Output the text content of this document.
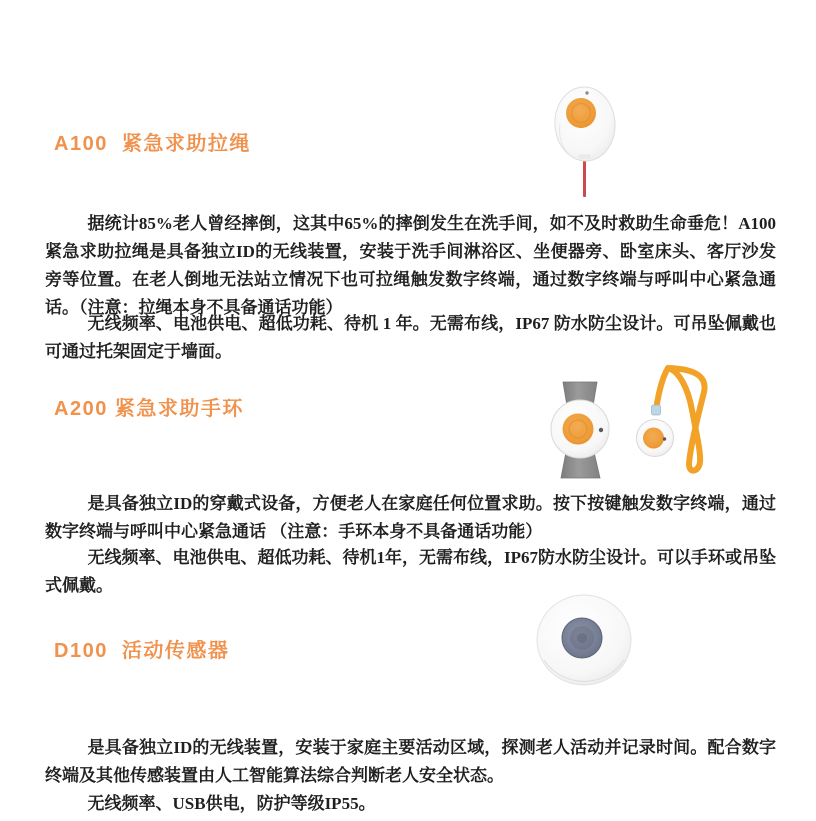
A100  紧急求助拉绳

据统计85%老人曾经摔倒，这其中65%的摔倒发生在洗手间，如不及时救助生命垂危！A100紧急求助拉绳是具备独立ID的无线装置，安装于洗手间淋浴区、坐便器旁、卧室床头、客厅沙发旁等位置。在老人倒地无法站立情况下也可拉绳触发数字终端，通过数字终端与呼叫中心紧急通话。（注意：拉绳本身不具备通话功能）

无线频率、电池供电、超低功耗、待机 1 年。无需布线，IP67 防水防尘设计。可吊坠佩戴也可通过托架固定于墙面。

A200 紧急求助手环

是具备独立ID的穿戴式设备，方便老人在家庭任何位置求助。按下按键触发数字终端，通过数字终端与呼叫中心紧急通话 （注意：手环本身不具备通话功能）

无线频率、电池供电、超低功耗、待机1年，无需布线，IP67防水防尘设计。可以手环或吊坠式佩戴。

D100  活动传感器

是具备独立ID的无线装置，安装于家庭主要活动区域，探测老人活动并记录时间。配合数字终端及其他传感装置由人工智能算法综合判断老人安全状态。

无线频率、USB供电，防护等级IP55。
